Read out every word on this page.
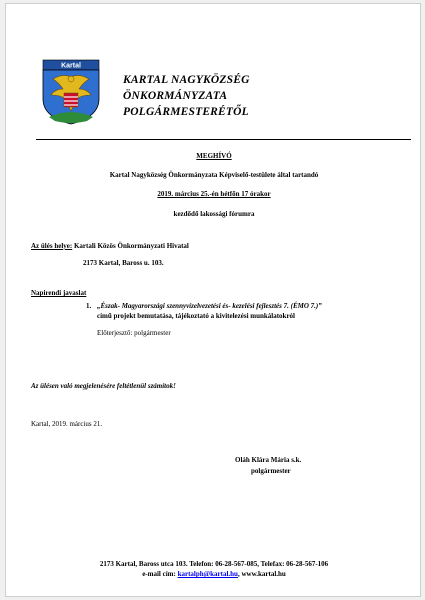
Kartal
KARTAL NAGYKÖZSÉG
ÖNKORMÁNYZATA
POLGÁRMESTERÉTŐL
MEGHÍVÓ
Kartal Nagyközség Önkormányzata Képviselő-testülete által tartandó
2019. március 25.-én hétfőn 17 órakor
kezdődő lakossági fórumra
Az ülés helye: Kartali Közös Önkormányzati Hivatal
2173 Kartal, Baross u. 103.
Napirendi javaslat
1. „Észak- Magyarországi szennyvízelvezetési és- kezelési fejlesztés 7. (ÉMO 7.)”
című projekt bemutatása, tájékoztató a kivitelezési munkálatokról
Előterjesztő: polgármester
Az ülésen való megjelenésére feltétlenül számítok!
Kartal, 2019. március 21.
Oláh Klára Mária s.k.
polgármester
2173 Kartal, Baross utca 103. Telefon: 06-28-567-085, Telefax: 06-28-567-106
e-mail cím: kartalph@kartal.hu, www.kartal.hu
